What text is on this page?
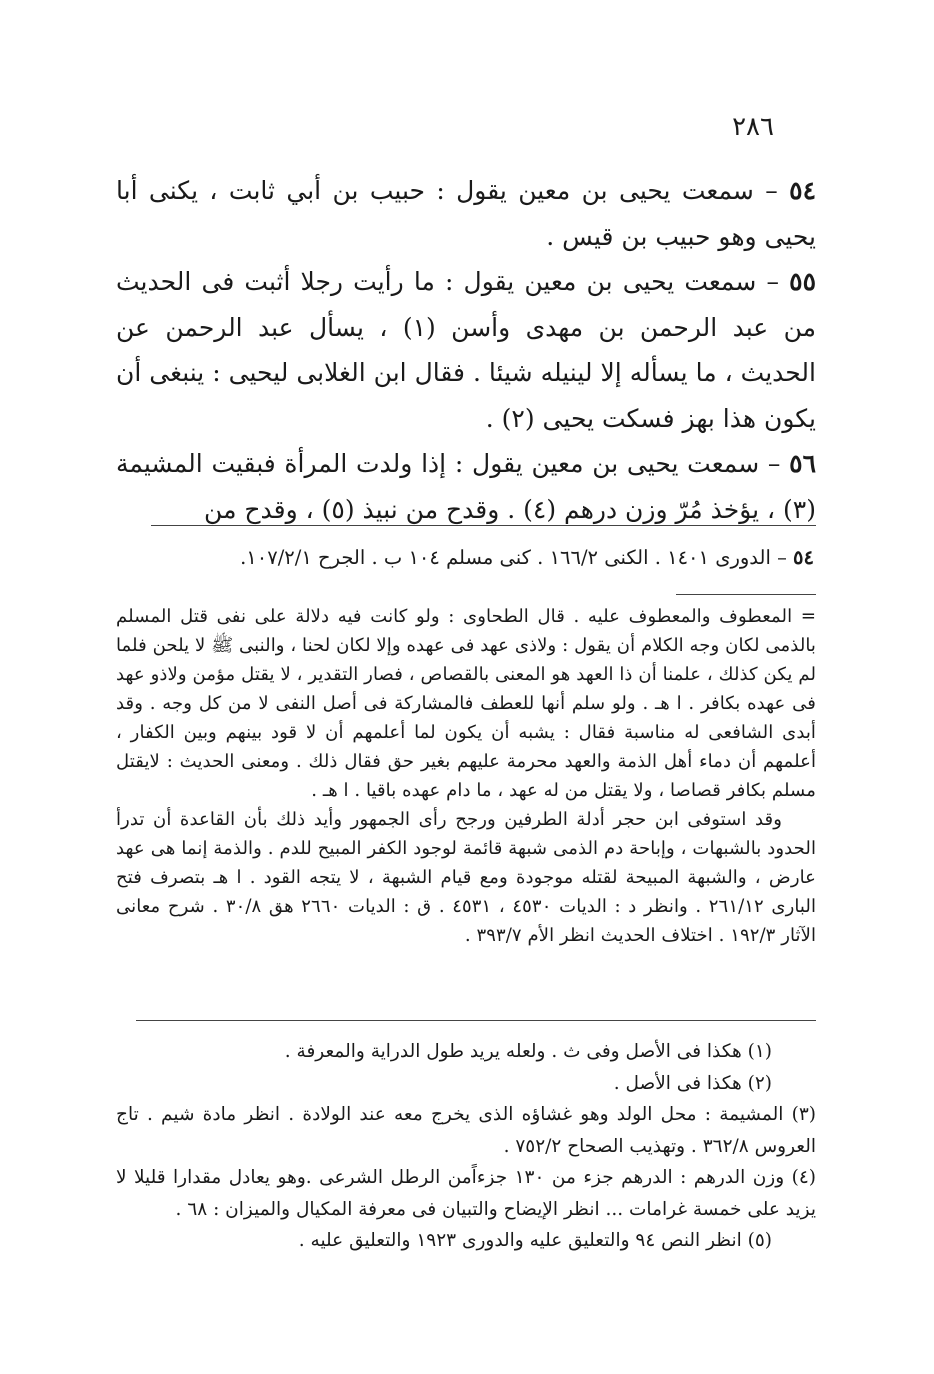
٢٨٦

٥٤ – سمعت يحيى بن معين يقول : حبيب بن أبي ثابت ، يكنى أبا يحيى وهو حبيب بن قيس .

٥٥ – سمعت يحيى بن معين يقول : ما رأيت رجلا أثبت فى الحديث من عبد الرحمن بن مهدى وأسن (١) ، يسأل عبد الرحمن عن الحديث ، ما يسأله إلا لينيله شيئا . فقال ابن الغلابى ليحيى : ينبغى أن يكون هذا بهز فسكت يحيى (٢) .

٥٦ – سمعت يحيى بن معين يقول : إذا ولدت المرأة فبقيت المشيمة (٣) ، يؤخذ مُرّ وزن درهم (٤) . وقدح من نبيذ (٥) ، وقدح من

٥٤ – الدورى ١٤٠١ . الكنى ١٦٦/٢ . كنى مسلم ١٠٤ ب . الجرح ١٠٧/٢/١.

= المعطوف والمعطوف عليه . قال الطحاوى : ولو كانت فيه دلالة على نفى قتل المسلم بالذمى لكان وجه الكلام أن يقول : ولاذى عهد فى عهده وإلا لكان لحنا ، والنبى ﷺ لا يلحن فلما لم يكن كذلك ، علمنا أن ذا العهد هو المعنى بالقصاص ، فصار التقدير ، لا يقتل مؤمن ولاذو عهد فى عهده بكافر . ا هـ . ولو سلم أنها للعطف فالمشاركة فى أصل النفى لا من كل وجه . وقد أبدى الشافعى له مناسبة فقال : يشبه أن يكون لما أعلمهم أن لا قود بينهم وبين الكفار ، أعلمهم أن دماء أهل الذمة والعهد محرمة عليهم بغير حق فقال ذلك . ومعنى الحديث : لايقتل مسلم بكافر قصاصا ، ولا يقتل من له عهد ، ما دام عهده باقيا . ا هـ .

وقد استوفى ابن حجر أدلة الطرفين ورجح رأى الجمهور وأيد ذلك بأن القاعدة أن تدرأ الحدود بالشبهات ، وإباحة دم الذمى شبهة قائمة لوجود الكفر المبيح للدم . والذمة إنما هى عهد عارض ، والشبهة المبيحة لقتله موجودة ومع قيام الشبهة ، لا يتجه القود . ا هـ بتصرف فتح البارى ٢٦١/١٢ . وانظر د : الديات ٤٥٣٠ ، ٤٥٣١ . ق : الديات ٢٦٦٠ هق ٣٠/٨ . شرح معانى الآثار ١٩٢/٣ . اختلاف الحديث انظر الأم ٣٩٣/٧ .

(١) هكذا فى الأصل وفى ث . ولعله يريد طول الدراية والمعرفة .

(٢) هكذا فى الأصل .

(٣) المشيمة : محل الولد وهو غشاؤه الذى يخرج معه عند الولادة . انظر مادة شيم . تاج العروس ٣٦٢/٨ . وتهذيب الصحاح ٧٥٢/٢ .

(٤) وزن الدرهم : الدرهم جزء من ١٣٠ جزءاًمن الرطل الشرعى .وهو يعادل مقدارا قليلا لا يزيد على خمسة غرامات ... انظر الإيضاح والتبيان فى معرفة المكيال والميزان : ٦٨ .

(٥) انظر النص ٩٤ والتعليق عليه والدورى ١٩٢٣ والتعليق عليه .
